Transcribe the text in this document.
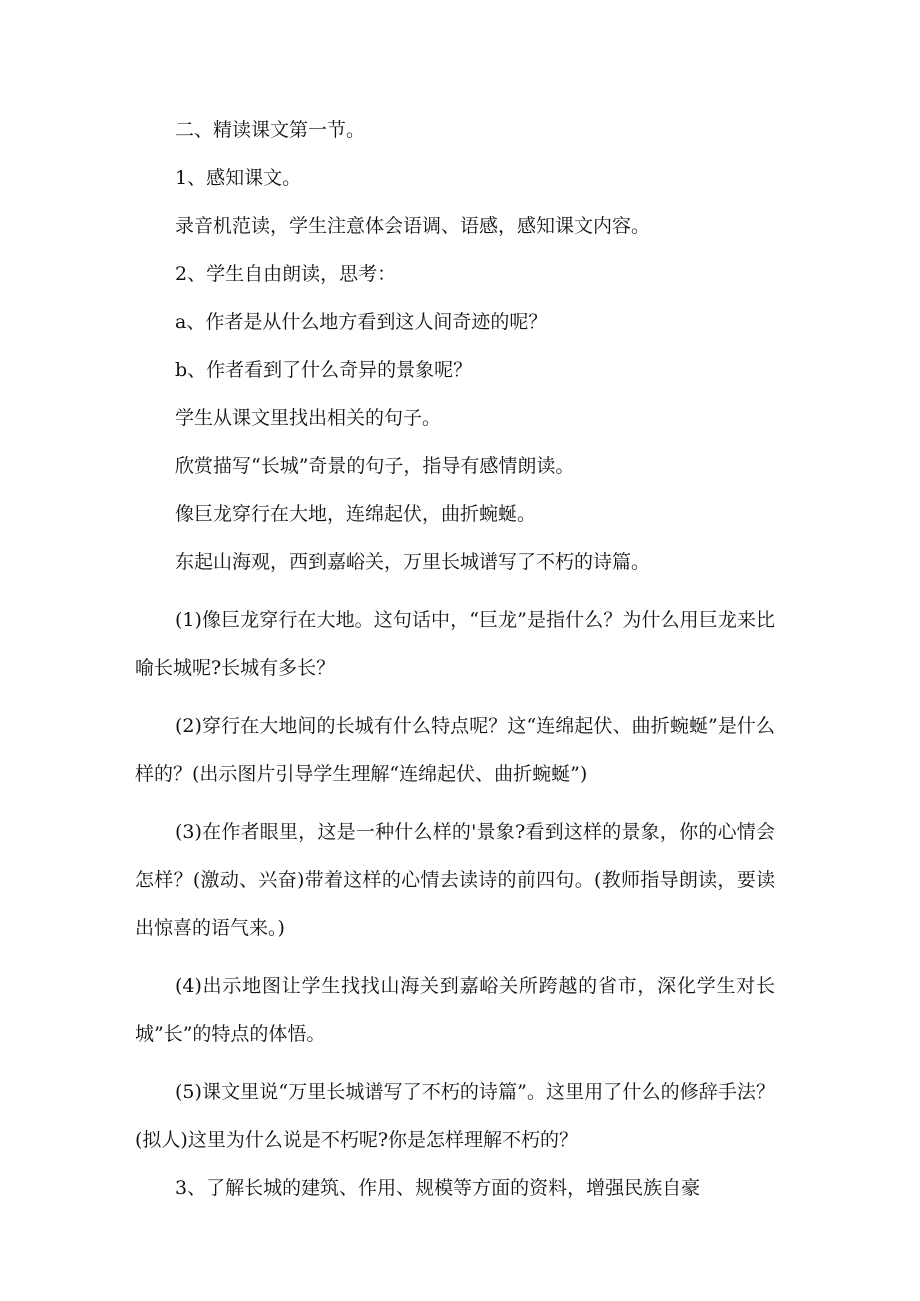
二、精读课文第一节。

1、感知课文。

录音机范读，学生注意体会语调、语感，感知课文内容。

2、学生自由朗读，思考：

a、作者是从什么地方看到这人间奇迹的呢？

b、作者看到了什么奇异的景象呢？

学生从课文里找出相关的句子。

欣赏描写“长城”奇景的句子，指导有感情朗读。

像巨龙穿行在大地，连绵起伏，曲折蜿蜒。

东起山海观，西到嘉峪关，万里长城谱写了不朽的诗篇。

(1)像巨龙穿行在大地。这句话中，“巨龙”是指什么？为什么用巨龙来比喻长城呢?长城有多长？

(2)穿行在大地间的长城有什么特点呢？这“连绵起伏、曲折蜿蜒”是什么样的？(出示图片引导学生理解“连绵起伏、曲折蜿蜒”)

(3)在作者眼里，这是一种什么样的'景象?看到这样的景象，你的心情会怎样？(激动、兴奋)带着这样的心情去读诗的前四句。(教师指导朗读，要读出惊喜的语气来。)

(4)出示地图让学生找找山海关到嘉峪关所跨越的省市，深化学生对长城”长”的特点的体悟。

(5)课文里说“万里长城谱写了不朽的诗篇”。这里用了什么的修辞手法？(拟人)这里为什么说是不朽呢?你是怎样理解不朽的？

3、了解长城的建筑、作用、规模等方面的资料，增强民族自豪
